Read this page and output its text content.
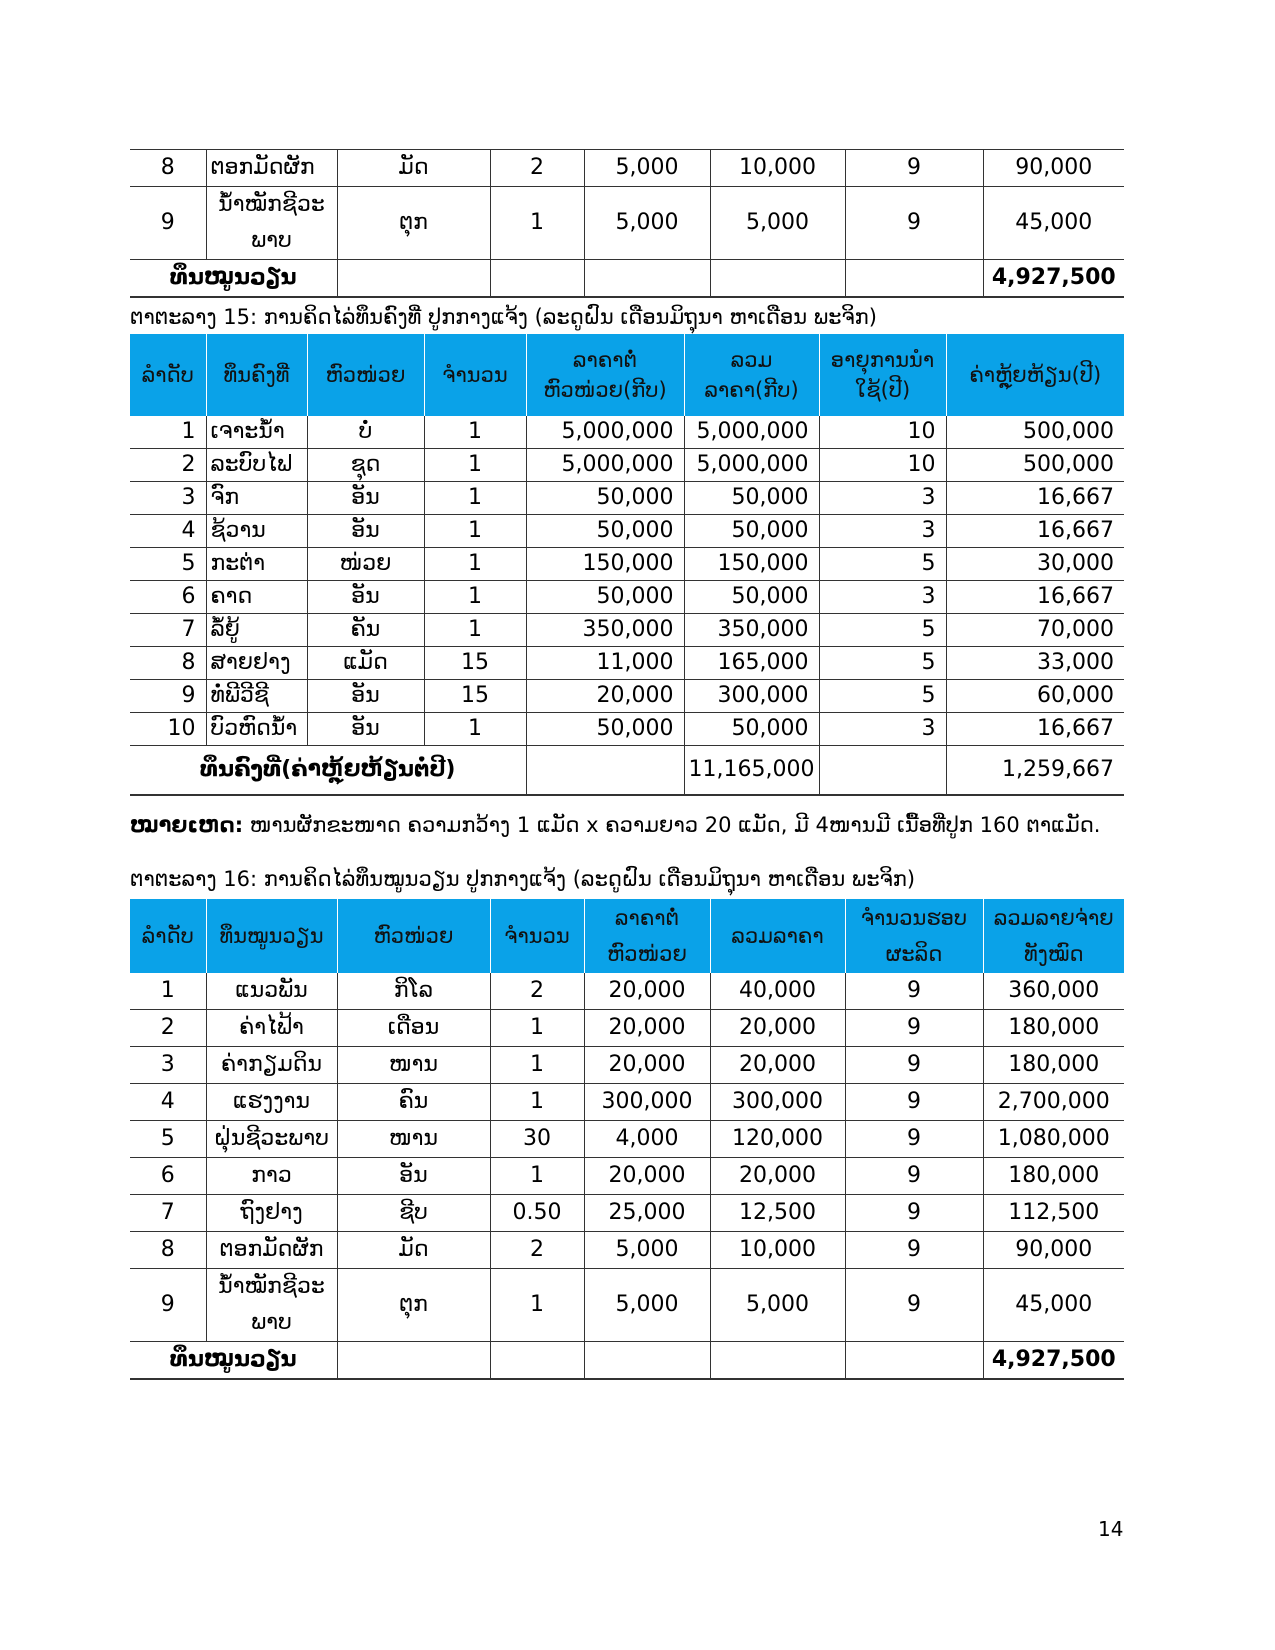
8	ຕອກມັດຜັກ	ມັດ	2	5,000	10,000	9	90,000
9	ນ້ຳໝັກຊີວະພາບ	ຕຸກ	1	5,000	5,000	9	45,000
ທຶນໝູນວຽນ							4,927,500
ຕາຕະລາງ 15: ການຄິດໄລ່ທຶນຄົງທີ່ ປູກກາງແຈ້ງ (ລະດູຝົນ ເດືອນມິຖຸນາ ຫາເດືອນ ພະຈິກ)
ລຳດັບ	ທຶນຄົງທີ່	ຫົວໜ່ວຍ	ຈຳນວນ	ລາຄາຕໍ່ຫົວໜ່ວຍ(ກີບ)	ລວມລາຄາ(ກີບ)	ອາຍຸການນຳໃຊ້(ປີ)	ຄ່າຫຼຸ້ຍຫ້ຽນ(ປີ)
1	ເຈາະນ້ຳ	ບໍ່	1	5,000,000	5,000,000	10	500,000
2	ລະບົບໄຟ	ຊຸດ	1	5,000,000	5,000,000	10	500,000
3	ຈົກ	ອັນ	1	50,000	50,000	3	16,667
4	ຊ້ວານ	ອັນ	1	50,000	50,000	3	16,667
5	ກະຕ່າ	ໜ່ວຍ	1	150,000	150,000	5	30,000
6	ຄາດ	ອັນ	1	50,000	50,000	3	16,667
7	ລໍ້ຍູ້	ຄັນ	1	350,000	350,000	5	70,000
8	ສາຍຢາງ	ແມັດ	15	11,000	165,000	5	33,000
9	ທໍ່ພີວີຊີ	ອັນ	15	20,000	300,000	5	60,000
10	ບົວຫົດນ້ຳ	ອັນ	1	50,000	50,000	3	16,667
ທຶນຄົງທີ່(ຄ່າຫຼຸ້ຍຫ້ຽນຕໍ່ປີ)					11,165,000		1,259,667
ໝາຍເຫດ: ໜານຜັກຂະໜາດ ຄວາມກວ້າງ 1 ແມັດ x ຄວາມຍາວ 20 ແມັດ, ມີ 4ໜານມີ ເນື້ອທີ່ປູກ 160 ຕາແມັດ.
ຕາຕະລາງ 16: ການຄິດໄລ່ທຶນໝູນວຽນ ປູກກາງແຈ້ງ (ລະດູຝົນ ເດືອນມິຖຸນາ ຫາເດືອນ ພະຈິກ)
ລຳດັບ	ທຶນໝູນວຽນ	ຫົວໜ່ວຍ	ຈຳນວນ	ລາຄາຕໍ່ຫົວໜ່ວຍ	ລວມລາຄາ	ຈຳນວນຮອບຜະລິດ	ລວມລາຍຈ່າຍທັງໝົດ
1	ແນວພັນ	ກິໂລ	2	20,000	40,000	9	360,000
2	ຄ່າໄຟ້າ	ເດືອນ	1	20,000	20,000	9	180,000
3	ຄ່າກຽມດິນ	ໜານ	1	20,000	20,000	9	180,000
4	ແຮງງານ	ຄົນ	1	300,000	300,000	9	2,700,000
5	ຝຸ່ນຊີວະພາບ	ໜານ	30	4,000	120,000	9	1,080,000
6	ກາວ	ອັນ	1	20,000	20,000	9	180,000
7	ຖົງຢາງ	ຊີບ	0.50	25,000	12,500	9	112,500
8	ຕອກມັດຜັກ	ມັດ	2	5,000	10,000	9	90,000
9	ນ້ຳໝັກຊີວະພາບ	ຕຸກ	1	5,000	5,000	9	45,000
ທຶນໝູນວຽນ							4,927,500
14
